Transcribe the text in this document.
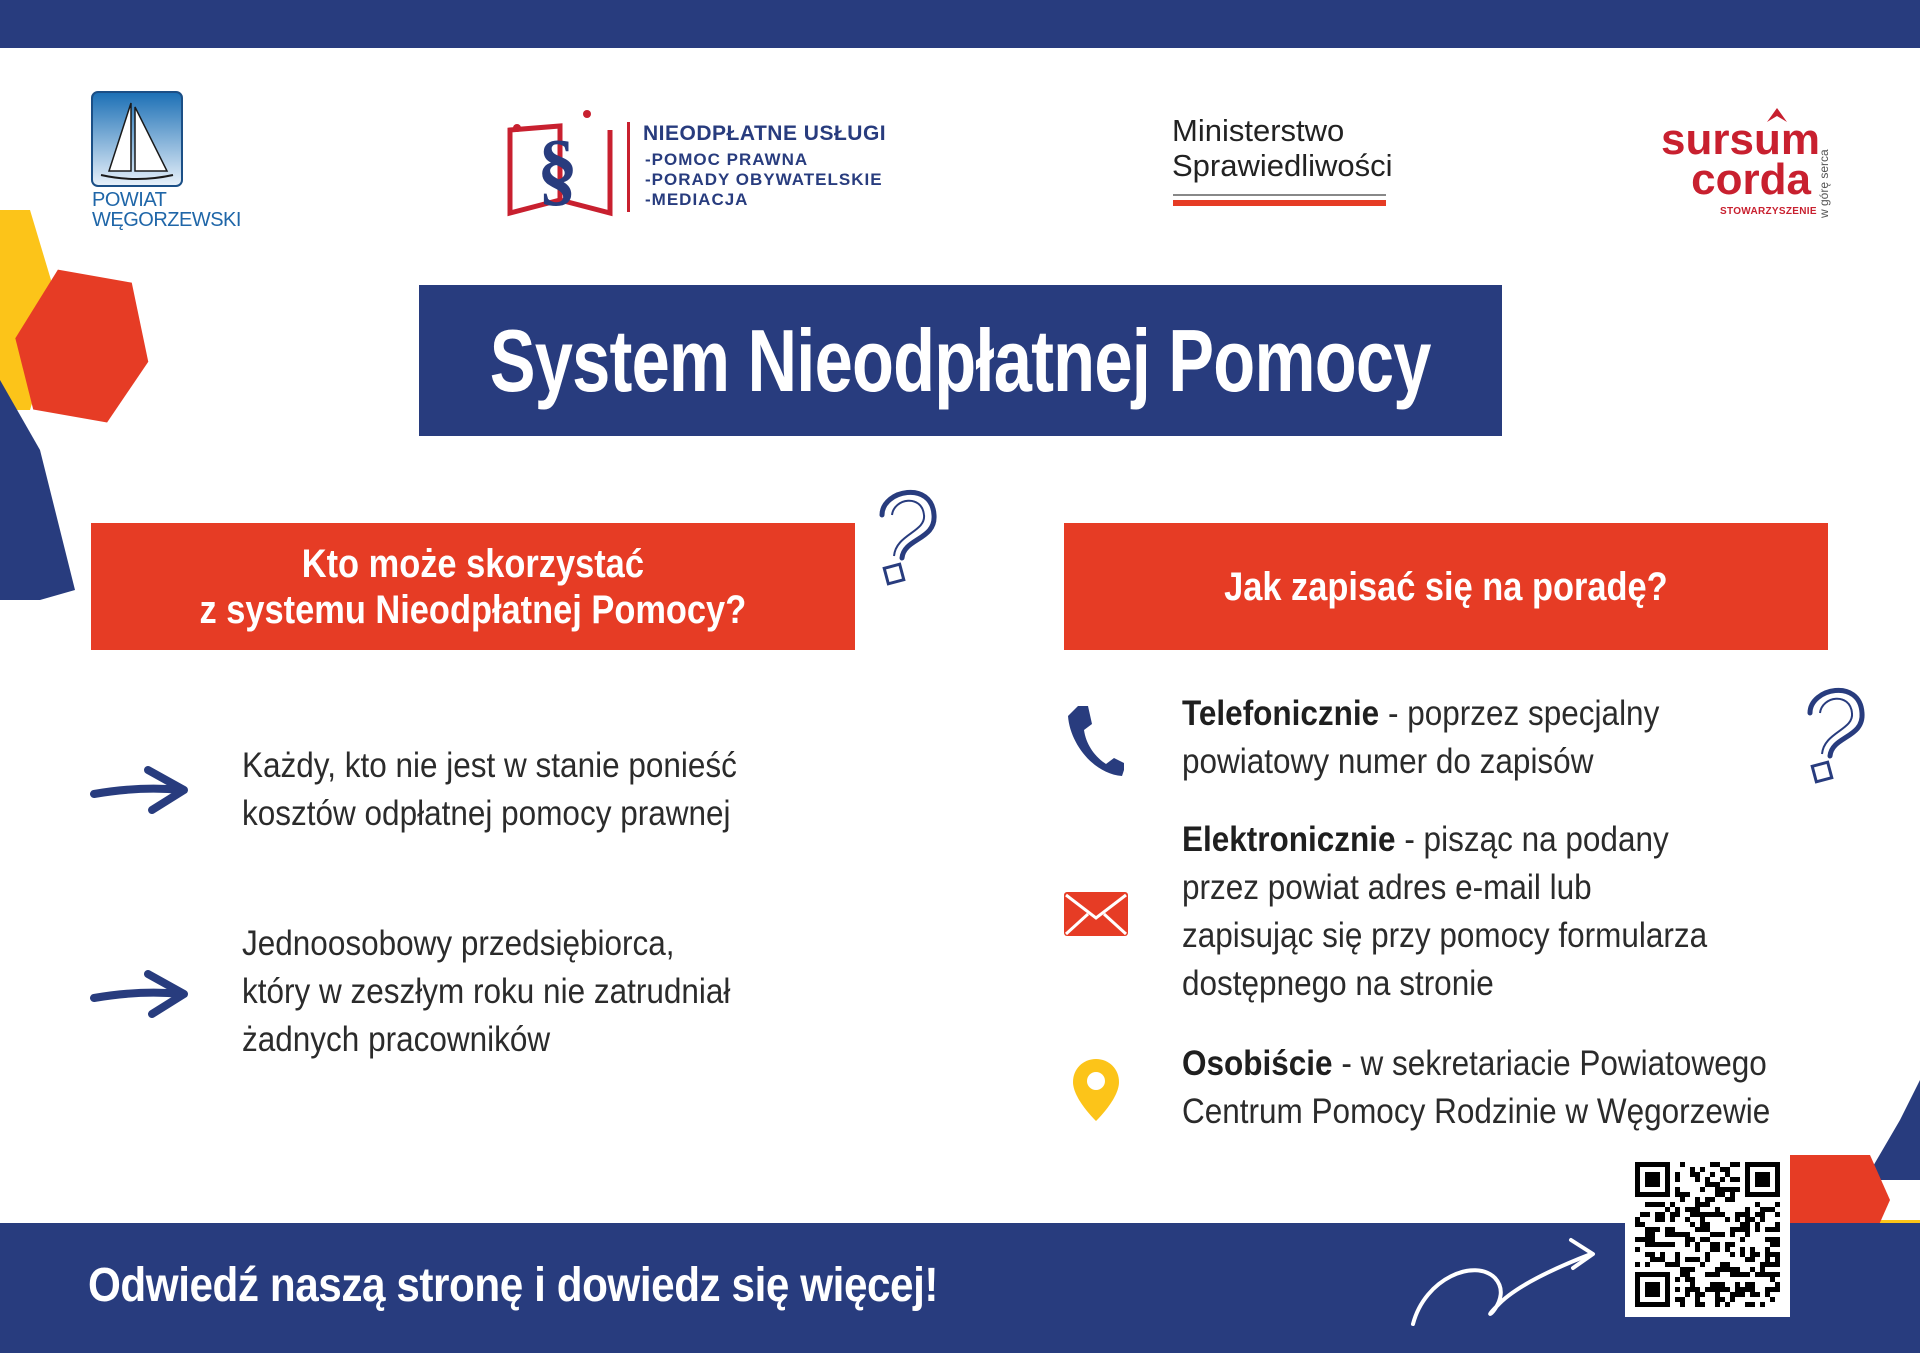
POWIAT
WĘGORZEWSKI
§	NIEODPŁATNE USŁUGI
-POMOC PRAWNA
-PORADY OBYWATELSKIE
-MEDIACJA
Ministerstwo
Sprawiedliwości
sursum
corda
STOWARZYSZENIE w górę serca
System Nieodpłatnej Pomocy
Kto może skorzystać
z systemu Nieodpłatnej Pomocy?
Jak zapisać się na poradę?
Każdy, kto nie jest w stanie ponieść
kosztów odpłatnej pomocy prawnej
Jednoosobowy przedsiębiorca,
który w zeszłym roku nie zatrudniał
żadnych pracowników
Telefonicznie - poprzez specjalny
powiatowy numer do zapisów
Elektronicznie - pisząc na podany
przez powiat adres e-mail lub
zapisując się przy pomocy formularza
dostępnego na stronie
Osobiście - w sekretariacie Powiatowego
Centrum Pomocy Rodzinie w Węgorzewie
Odwiedź naszą stronę i dowiedz się więcej!
